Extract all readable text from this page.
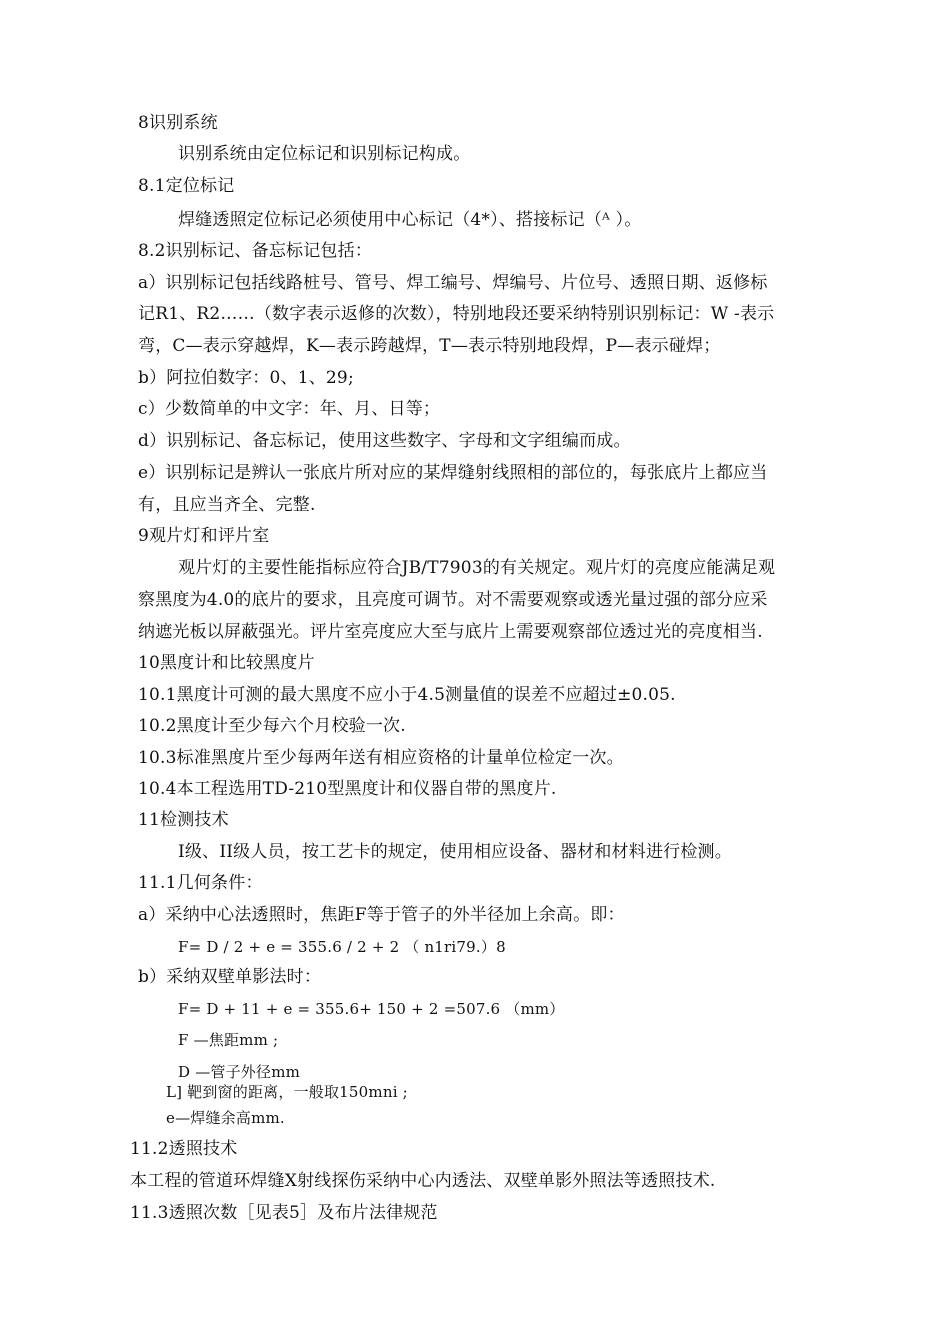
8识别系统
识别系统由定位标记和识别标记构成。
8.1定位标记
焊缝透照定位标记必须使用中心标记（4*）、搭接标记（ᴬ ）。
8.2识别标记、备忘标记包括：
a）识别标记包括线路桩号、管号、焊工编号、焊编号、片位号、透照日期、返修标
记R1、R2……（数字表示返修的次数），特别地段还要采纳特别识别标记：W -表示
弯，C—表示穿越焊，K—表示跨越焊，T—表示特别地段焊，P—表示碰焊；
b）阿拉伯数字：0、1、29;
c）少数简单的中文字：年、月、日等；
d）识别标记、备忘标记，使用这些数字、字母和文字组编而成。
e）识别标记是辨认一张底片所对应的某焊缝射线照相的部位的，每张底片上都应当
有，且应当齐全、完整.
9观片灯和评片室
观片灯的主要性能指标应符合JB/T7903的有关规定。观片灯的亮度应能满足观
察黑度为4.0的底片的要求，且亮度可调节。对不需要观察或透光量过强的部分应采
纳遮光板以屏蔽强光。评片室亮度应大至与底片上需要观察部位透过光的亮度相当.
10黑度计和比较黑度片
10.1黑度计可测的最大黑度不应小于4.5测量值的误差不应超过±0.05.
10.2黑度计至少每六个月校验一次.
10.3标准黑度片至少每两年送有相应资格的计量单位检定一次。
10.4本工程选用TD-210型黑度计和仪器自带的黑度片.
11检测技术
I级、II级人员，按工艺卡的规定，使用相应设备、器材和材料进行检测。
11.1几何条件：
a）采纳中心法透照时，焦距F等于管子的外半径加上余高。即：
F= D / 2 + e = 355.6 / 2 + 2 （ n1ri79.）8
b）采纳双壁单影法时：
F= D + 11 + e = 355.6+ 150 + 2 =507.6 （mm）
F —焦距mm ;
D —管子外径mm
L] 靶到窗的距离，一般取150mni ;
e—焊缝余高mm.
11.2透照技术
本工程的管道环焊缝X射线探伤采纳中心内透法、双壁单影外照法等透照技术.
11.3透照次数［见表5］及布片法律规范
